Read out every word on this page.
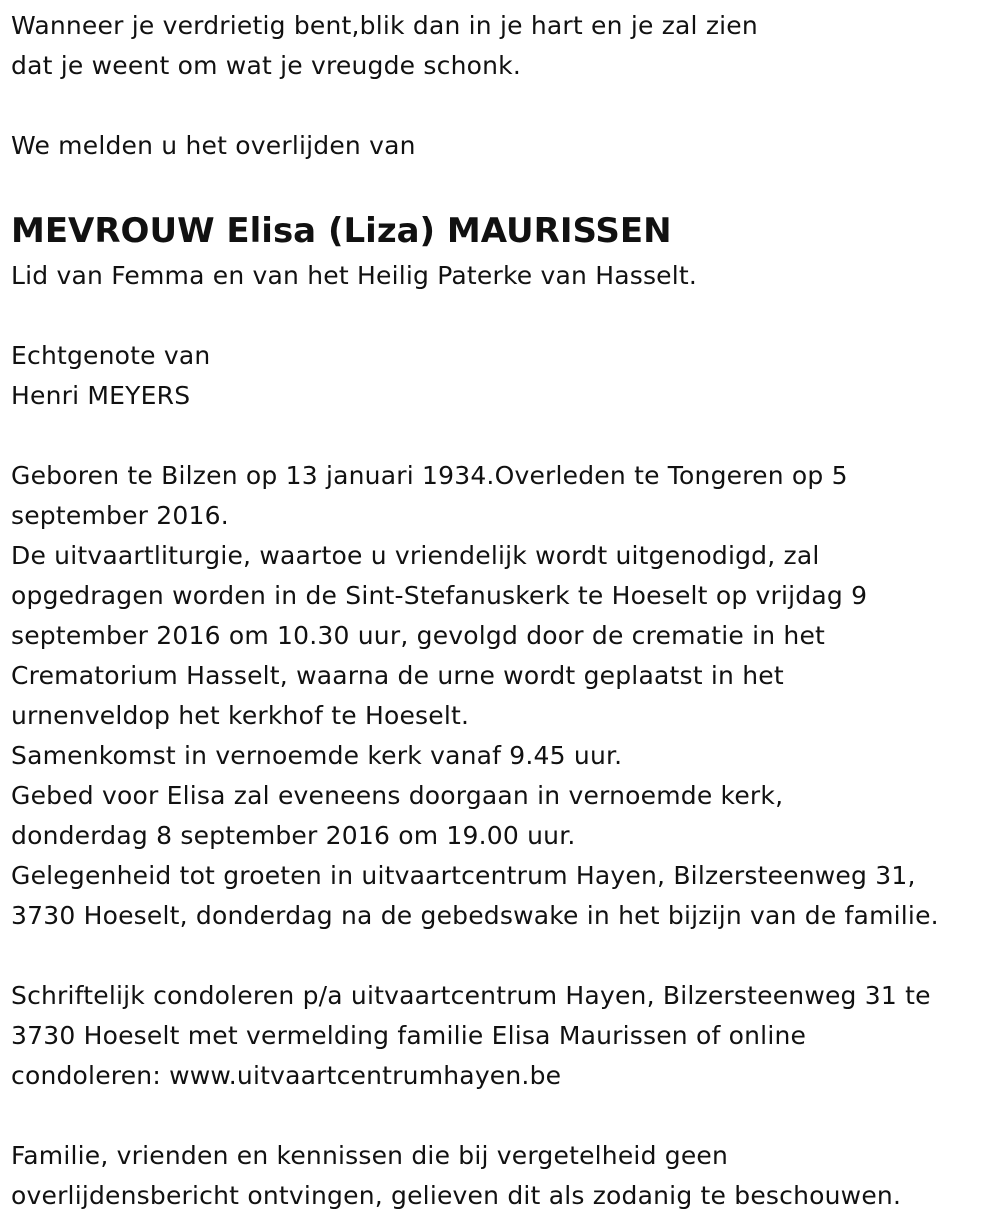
Wanneer je verdrietig bent,blik dan in je hart en je zal zien
dat je weent om wat je vreugde schonk.
We melden u het overlijden van
MEVROUW Elisa (Liza) MAURISSEN
Lid van Femma en van het Heilig Paterke van Hasselt.
Echtgenote van
Henri MEYERS
Geboren te Bilzen op 13 januari 1934.Overleden te Tongeren op 5
september 2016.
De uitvaartliturgie, waartoe u vriendelijk wordt uitgenodigd, zal
opgedragen worden in de Sint-Stefanuskerk te Hoeselt op vrijdag 9
september 2016 om 10.30 uur, gevolgd door de crematie in het
Crematorium Hasselt, waarna de urne wordt geplaatst in het
urnenveldop het kerkhof te Hoeselt.
Samenkomst in vernoemde kerk vanaf 9.45 uur.
Gebed voor Elisa zal eveneens doorgaan in vernoemde kerk,
donderdag 8 september 2016 om 19.00 uur.
Gelegenheid tot groeten in uitvaartcentrum Hayen, Bilzersteenweg 31,
3730 Hoeselt, donderdag na de gebedswake in het bijzijn van de familie.
Schriftelijk condoleren p/a uitvaartcentrum Hayen, Bilzersteenweg 31 te
3730 Hoeselt met vermelding familie Elisa Maurissen of online
condoleren: www.uitvaartcentrumhayen.be
Familie, vrienden en kennissen die bij vergetelheid geen
overlijdensbericht ontvingen, gelieven dit als zodanig te beschouwen.
